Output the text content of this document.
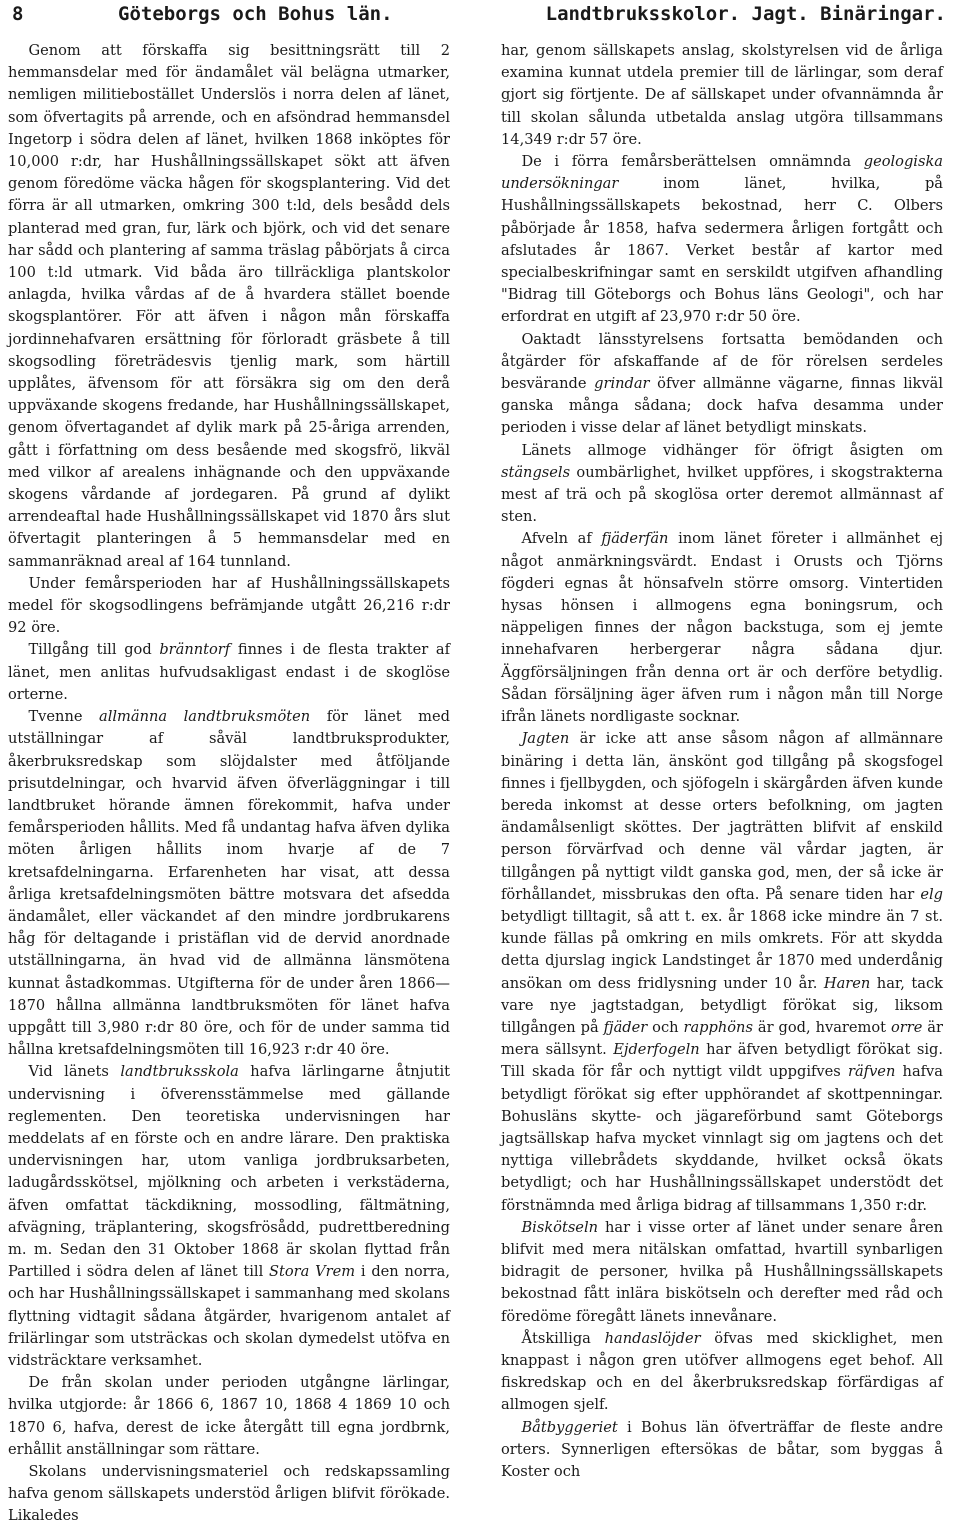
8	Göteborgs och Bohus län.	Landtbruksskolor. Jagt. Binäringar.

Genom att förskaffa sig besittningsrätt till 2 hemmansdelar med för ändamålet väl belägna utmarker, nemligen militiebostället Underslös i norra delen af länet, som öfvertagits på arrende, och en afsöndrad hemmansdel Ingetorp i södra delen af länet, hvilken 1868 inköptes för 10,000 r:dr, har Hushållningssällskapet sökt att äfven genom föredöme väcka hågen för skogsplantering. Vid det förra är all utmarken, omkring 300 t:ld, dels besådd dels planterad med gran, fur, lärk och björk, och vid det senare har sådd och plantering af samma träslag påbörjats å circa 100 t:ld utmark. Vid båda äro tillräckliga plantskolor anlagda, hvilka vårdas af de å hvardera stället boende skogsplantörer. För att äfven i någon mån förskaffa jordinnehafvaren ersättning för förloradt gräsbete å till skogsodling företrädesvis tjenlig mark, som härtill upplåtes, äfvensom för att försäkra sig om den derå uppväxande skogens fredande, har Hushållningssällskapet, genom öfvertagandet af dylik mark på 25-åriga arrenden, gått i författning om dess besående med skogsfrö, likväl med vilkor af arealens inhägnande och den uppväxande skogens vårdande af jordegaren. På grund af dylikt arrendeaftal hade Hushållningssällskapet vid 1870 års slut öfvertagit planteringen å 5 hemmansdelar med en sammanräknad areal af 164 tunnland.

Under femårsperioden har af Hushållningssällskapets medel för skogsodlingens befrämjande utgått 26,216 r:dr 92 öre.

Tillgång till god bränntorf finnes i de flesta trakter af länet, men anlitas hufvudsakligast endast i de skoglöse orterne.

Tvenne allmänna landtbruksmöten för länet med utställningar af såväl landtbruksprodukter, åkerbruksredskap som slöjdalster med åtföljande prisutdelningar, och hvarvid äfven öfverläggningar i till landtbruket hörande ämnen förekommit, hafva under femårsperioden hållits. Med få undantag hafva äfven dylika möten årligen hållits inom hvarje af de 7 kretsafdelningarna. Erfarenheten har visat, att dessa årliga kretsafdelningsmöten bättre motsvara det afsedda ändamålet, eller väckandet af den mindre jordbrukarens håg för deltagande i pristäflan vid de dervid anordnade utställningarna, än hvad vid de allmänna länsmötena kunnat åstadkommas. Utgifterna för de under åren 1866—1870 hållna allmänna landtbruksmöten för länet hafva uppgått till 3,980 r:dr 80 öre, och för de under samma tid hållna kretsafdelningsmöten till 16,923 r:dr 40 öre.

Vid länets landtbruksskola hafva lärlingarne åtnjutit undervisning i öfverensstämmelse med gällande reglementen. Den teoretiska undervisningen har meddelats af en förste och en andre lärare. Den praktiska undervisningen har, utom vanliga jordbruksarbeten, ladugårdsskötsel, mjölkning och arbeten i verkstäderna, äfven omfattat täckdikning, mossodling, fältmätning, afvägning, träplantering, skogsfrösådd, pudrettberedning m. m. Sedan den 31 Oktober 1868 är skolan flyttad från Partilled i södra delen af länet till Stora Vrem i den norra, och har Hushållningssällskapet i sammanhang med skolans flyttning vidtagit sådana åtgärder, hvarigenom antalet af frilärlingar som utsträckas och skolan dymedelst utöfva en vidsträcktare verksamhet.

De från skolan under perioden utgångne lärlingar, hvilka utgjorde: år 1866 6, 1867 10, 1868 4 1869 10 och 1870 6, hafva, derest de icke återgått till egna jordbrnk, erhållit anställningar som rättare.

Skolans undervisningsmateriel och redskapssamling hafva genom sällskapets understöd årligen blifvit förökade. Likaledes

har, genom sällskapets anslag, skolstyrelsen vid de årliga examina kunnat utdela premier till de lärlingar, som deraf gjort sig förtjente. De af sällskapet under ofvannämnda år till skolan sålunda utbetalda anslag utgöra tillsammans 14,349 r:dr 57 öre.

De i förra femårsberättelsen omnämnda geologiska undersökningar inom länet, hvilka, på Hushållningssällskapets bekostnad, herr C. Olbers påbörjade år 1858, hafva sedermera årligen fortgått och afslutades år 1867. Verket består af kartor med specialbeskrifningar samt en serskildt utgifven afhandling "Bidrag till Göteborgs och Bohus läns Geologi", och har erfordrat en utgift af 23,970 r:dr 50 öre.

Oaktadt länsstyrelsens fortsatta bemödanden och åtgärder för afskaffande af de för rörelsen serdeles besvärande grindar öfver allmänne vägarne, finnas likväl ganska många sådana; dock hafva desamma under perioden i visse delar af länet betydligt minskats.

Länets allmoge vidhänger för öfrigt åsigten om stängsels oumbärlighet, hvilket uppföres, i skogstrakterna mest af trä och på skoglösa orter deremot allmännast af sten.

Afveln af fjäderfän inom länet företer i allmänhet ej något anmärkningsvärdt. Endast i Orusts och Tjörns fögderi egnas åt hönsafveln större omsorg. Vintertiden hysas hönsen i allmogens egna boningsrum, och näppeligen finnes der någon backstuga, som ej jemte innehafvaren herbergerar några sådana djur. Äggförsäljningen från denna ort är och derföre betydlig. Sådan försäljning äger äfven rum i någon mån till Norge ifrån länets nordligaste socknar.

Jagten är icke att anse såsom någon af allmännare binäring i detta län, änskönt god tillgång på skogsfogel finnes i fjellbygden, och sjöfogeln i skärgården äfven kunde bereda inkomst at desse orters befolkning, om jagten ändamålsenligt sköttes. Der jagträtten blifvit af enskild person förvärfvad och denne väl vårdar jagten, är tillgången på nyttigt vildt ganska god, men, der så icke är förhållandet, missbrukas den ofta. På senare tiden har elg betydligt tilltagit, så att t. ex. år 1868 icke mindre än 7 st. kunde fällas på omkring en mils omkrets. För att skydda detta djurslag ingick Landstinget år 1870 med underdånig ansökan om dess fridlysning under 10 år. Haren har, tack vare nye jagtstadgan, betydligt förökat sig, liksom tillgången på fjäder och rapphöns är god, hvaremot orre är mera sällsynt. Ejderfogeln har äfven betydligt förökat sig. Till skada för får och nyttigt vildt uppgifves räfven hafva betydligt förökat sig efter upphörandet af skottpenningar. Bohusläns skytte- och jägareförbund samt Göteborgs jagtsällskap hafva mycket vinnlagt sig om jagtens och det nyttiga villebrådets skyddande, hvilket också ökats betydligt; och har Hushållningssällskapet understödt det förstnämnda med årliga bidrag af tillsammans 1,350 r:dr.

Biskötseln har i visse orter af länet under senare åren blifvit med mera nitälskan omfattad, hvartill synbarligen bidragit de personer, hvilka på Hushållningssällskapets bekostnad fått inlära biskötseln och derefter med råd och föredöme föregått länets innevånare.

Åtskilliga handaslöjder öfvas med skicklighet, men knappast i någon gren utöfver allmogens eget behof. All fiskredskap och en del åkerbruksredskap förfärdigas af allmogen sjelf.

Båtbyggeriet i Bohus län öfverträffar de fleste andre orters. Synnerligen eftersökas de båtar, som byggas å Koster och
